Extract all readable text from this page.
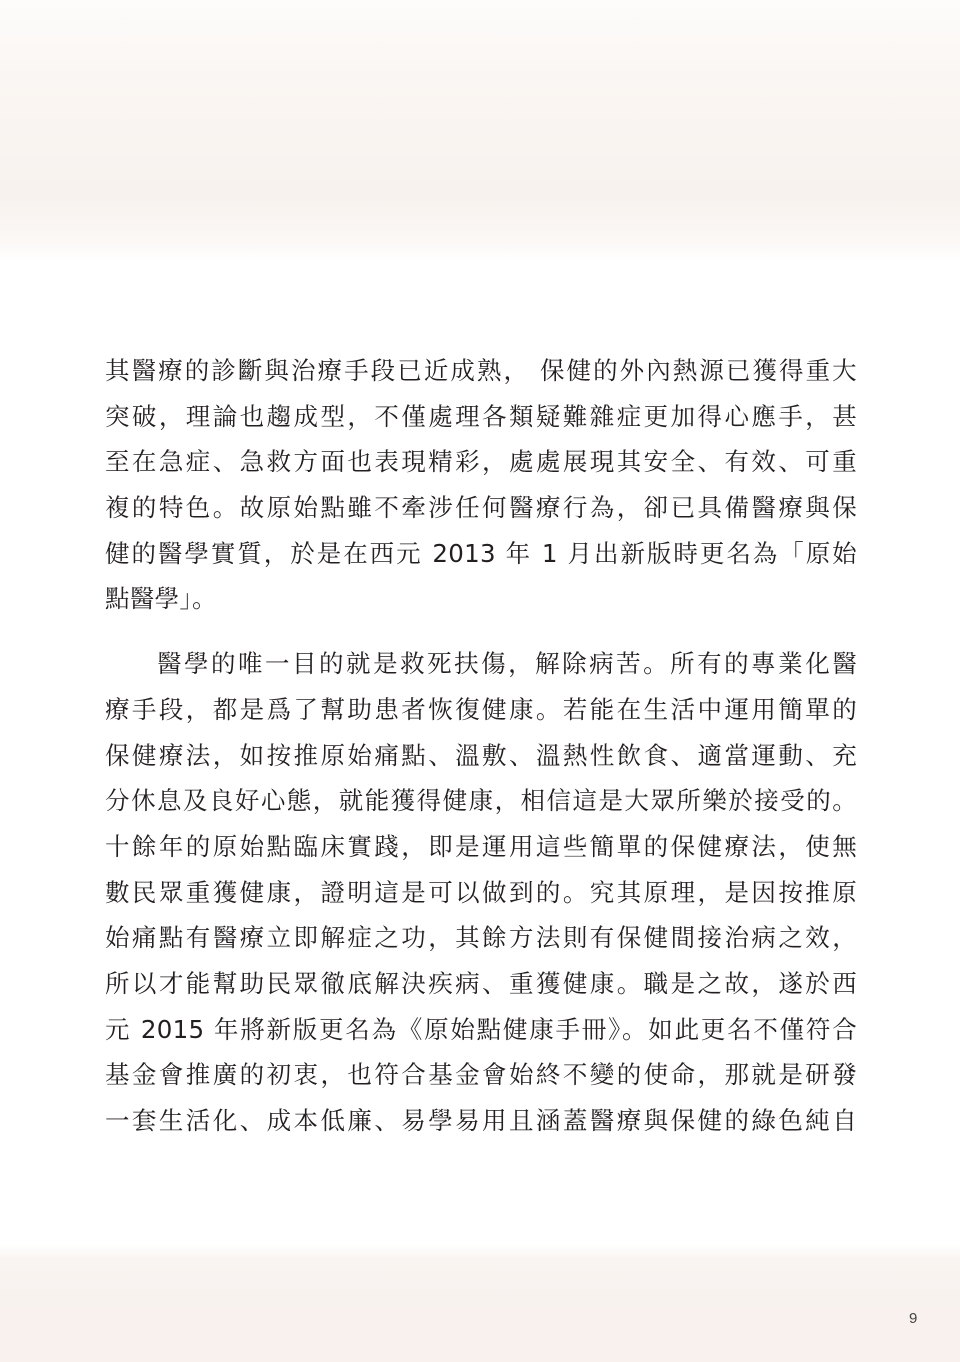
其醫療的診斷與治療手段已近成熟， 保健的外內熱源已獲得重大
突破，理論也趨成型，不僅處理各類疑難雜症更加得心應手，甚
至在急症、急救方面也表現精彩，處處展現其安全、有效、可重
複的特色。故原始點雖不牽涉任何醫療行為，卻已具備醫療與保
健的醫學實質，於是在西元 2013 年 1 月出新版時更名為「原始
點醫學」。
醫學的唯一目的就是救死扶傷，解除病苦。所有的專業化醫
療手段，都是爲了幫助患者恢復健康。若能在生活中運用簡單的
保健療法，如按推原始痛點、溫敷、溫熱性飲食、適當運動、充
分休息及良好心態，就能獲得健康，相信這是大眾所樂於接受的。
十餘年的原始點臨床實踐，即是運用這些簡單的保健療法，使無
數民眾重獲健康，證明這是可以做到的。究其原理，是因按推原
始痛點有醫療立即解症之功，其餘方法則有保健間接治病之效，
所以才能幫助民眾徹底解決疾病、重獲健康。職是之故，遂於西
元 2015 年將新版更名為《原始點健康手冊》。如此更名不僅符合
基金會推廣的初衷，也符合基金會始終不變的使命，那就是研發
一套生活化、成本低廉、易學易用且涵蓋醫療與保健的綠色純自
9
